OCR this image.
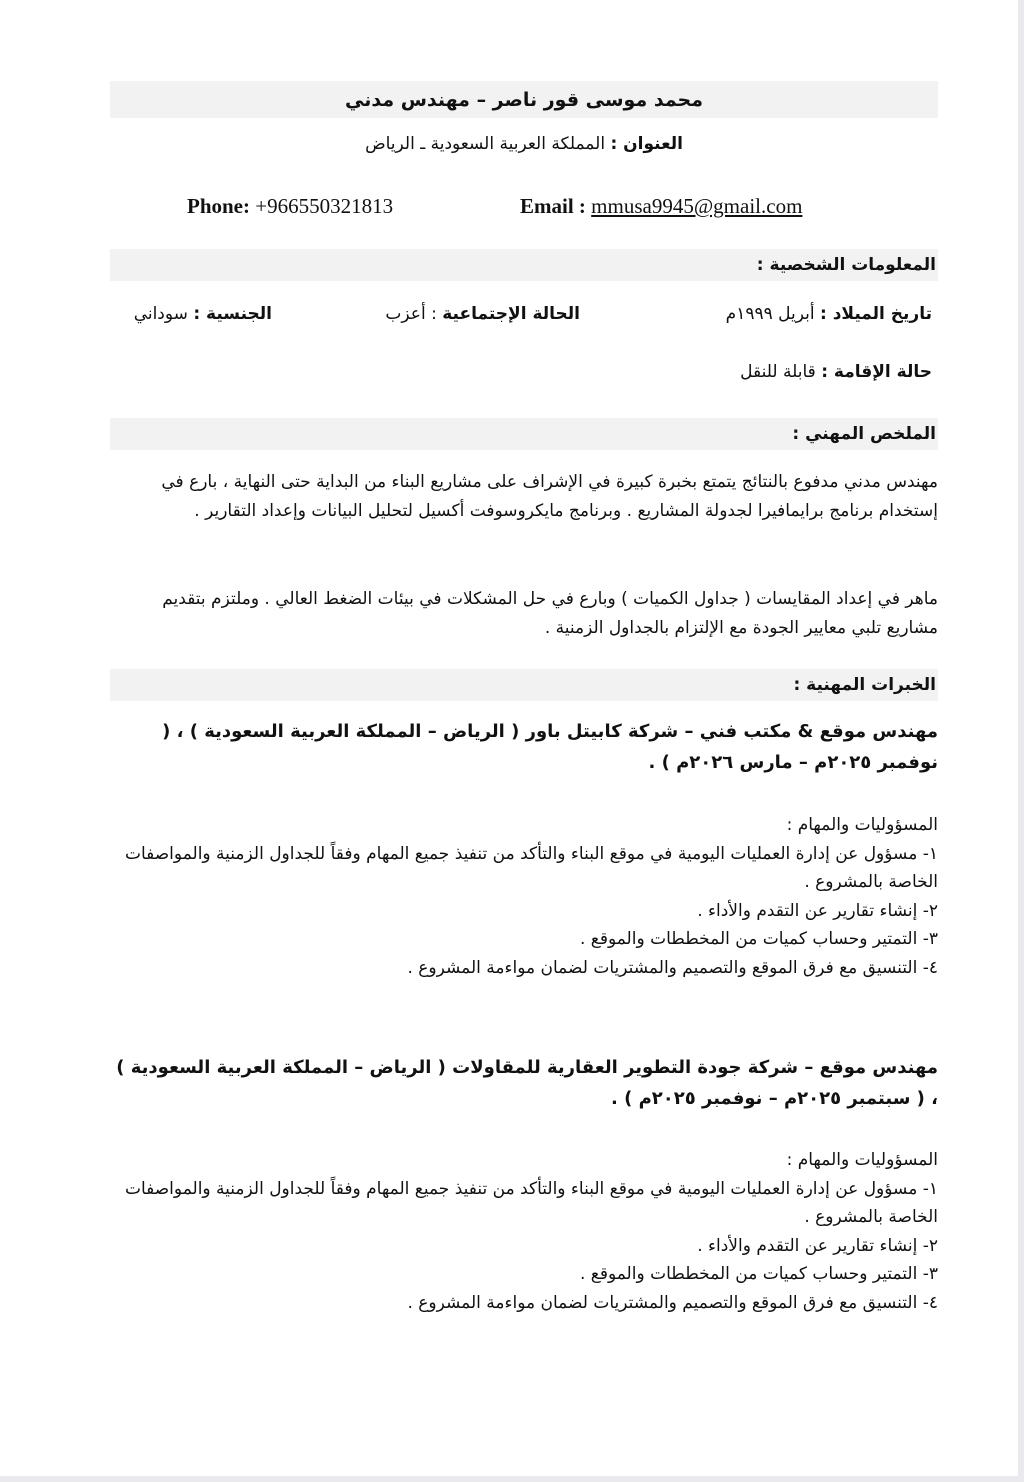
محمد موسى قور ناصر – مهندس مدني
العنوان : المملكة العربية السعودية ـ الرياض
Phone: +966550321813	Email : mmusa9945@gmail.com
المعلومات الشخصية :
تاريخ الميلاد : أبريل ١٩٩٩م
الحالة الإجتماعية : أعزب
الجنسية : سوداني
حالة الإقامة : قابلة للنقل
الملخص المهني :
مهندس مدني مدفوع بالنتائج يتمتع بخبرة كبيرة في الإشراف على مشاريع البناء من البداية حتى النهاية ، بارع في إستخدام برنامج برايمافيرا لجدولة المشاريع . وبرنامج مايكروسوفت أكسيل لتحليل البيانات وإعداد التقارير .
ماهر في إعداد المقايسات ( جداول الكميات ) وبارع في حل المشكلات في بيئات الضغط العالي . وملتزم بتقديم مشاريع تلبي معايير الجودة مع الإلتزام بالجداول الزمنية .
الخبرات المهنية :
مهندس موقع & مكتب فني – شركة كابيتل باور ( الرياض – المملكة العربية السعودية ) ، ( نوفمبر ٢٠٢٥م – مارس ٢٠٢٦م ) .

المسؤوليات والمهام :

١- مسؤول عن إدارة العمليات اليومية في موقع البناء والتأكد من تنفيذ جميع المهام وفقاً للجداول الزمنية والمواصفات الخاصة بالمشروع .

٢- إنشاء تقارير عن التقدم والأداء .

٣- التمتير وحساب كميات من المخططات والموقع .

٤- التنسيق مع فرق الموقع والتصميم والمشتريات لضمان مواءمة المشروع .

مهندس موقع – شركة جودة التطوير العقارية للمقاولات ( الرياض – المملكة العربية السعودية ) ، ( سبتمبر ٢٠٢٥م – نوفمبر ٢٠٢٥م ) .

المسؤوليات والمهام :

١- مسؤول عن إدارة العمليات اليومية في موقع البناء والتأكد من تنفيذ جميع المهام وفقاً للجداول الزمنية والمواصفات الخاصة بالمشروع .

٢- إنشاء تقارير عن التقدم والأداء .

٣- التمتير وحساب كميات من المخططات والموقع .

٤- التنسيق مع فرق الموقع والتصميم والمشتريات لضمان مواءمة المشروع .
